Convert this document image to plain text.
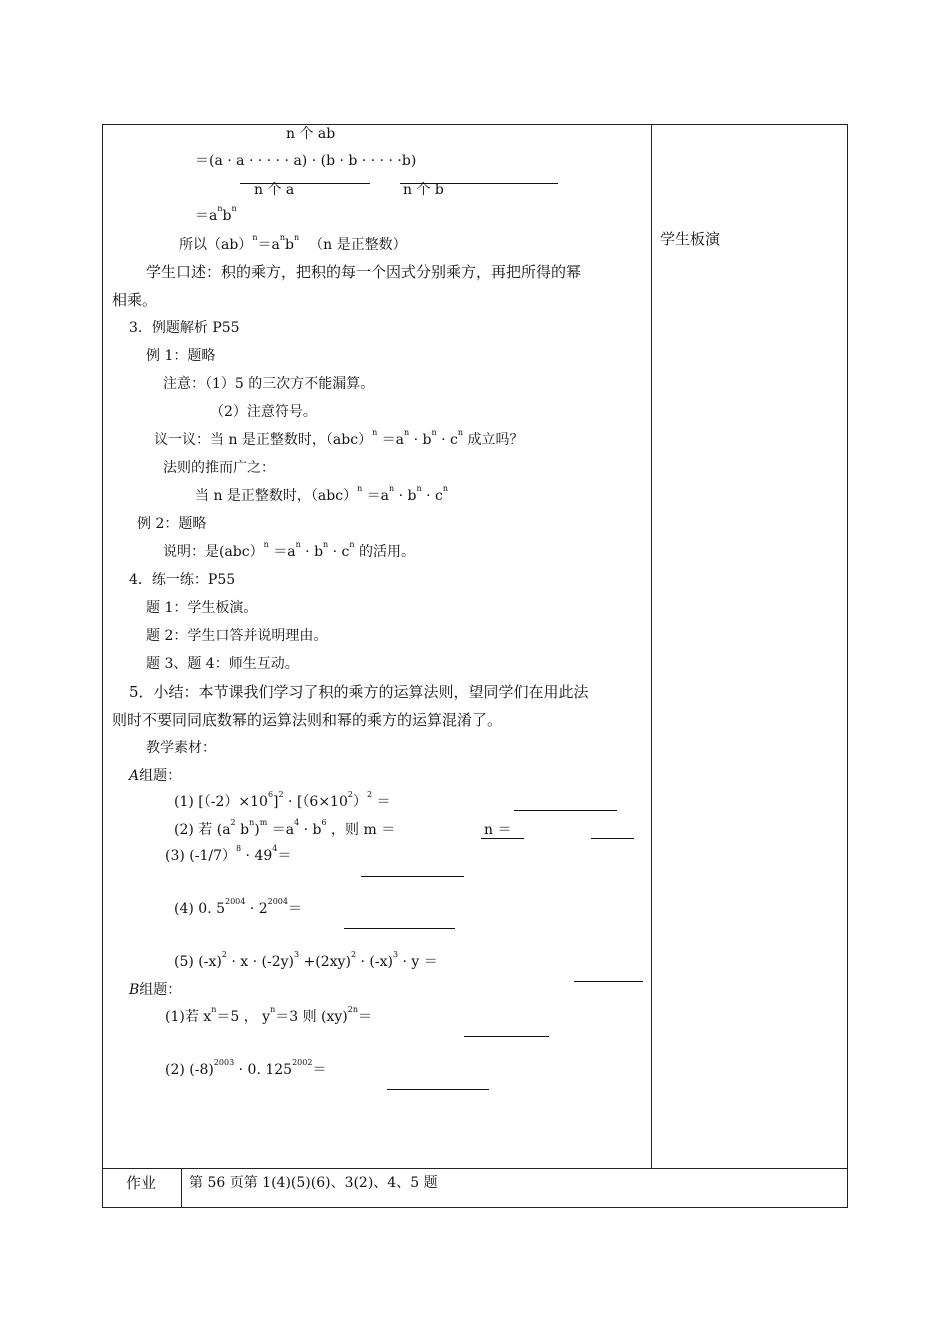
n 个 ab
＝(a · a · · · · · a) · (b · b · · · · ·b)
n 个 a	n 个 b
$=a^nb^n$
所以$(ab)^n=a^nb^n$ （n 是正整数）	学生板演
学生口述：积的乘方，把积的每一个因式分别乘方，再把所得的幂
相乘。
3．例题解析 P55
例 1：题略
注意：（1）5 的三次方不能漏算。
（2）注意符号。
议一议：当 n 是正整数时，$(abc)^n =a^n \cdot b^n \cdot c^n$ 成立吗？
法则的推而广之：
当 n 是正整数时，$(abc)^n =a^n \cdot b^n \cdot c^n$
例 2：题略
说明：是$(abc)^n =a^n \cdot b^n \cdot c^n$ 的活用。
4．练一练：P55
题 1：学生板演。
题 2：学生口答并说明理由。
题 3、题 4：师生互动。
5．小结：本节课我们学习了积的乘方的运算法则，望同学们在用此法
则时不要同同底数幂的运算法则和幂的乘方的运算混淆了。
教学素材：
A组题：
(1) $[(-2)\times 10^6]^2 \cdot [(6\times 10^2)^2$ ＝
(2) 若 ($a^2$ $b^n)^m =a^4 \cdot b^6$ ，则 m ＝	n ＝
(3) $(-1/7)^8 \cdot 49^4=$
(4) 0. $5^{2004} \cdot 2^{2004}=$
(5) $(-x)^2 \cdot x \cdot (-2y)^3 +(2xy)^2 \cdot (-x)^3 \cdot y$ ＝
B组题：
(1)若 $x^n=5$ ， $y^n=3$ 则 (xy)$^{2n}$＝
(2) $(-8)^{2003} \cdot 0$. $125^{2002}=$
作业 第 56 页第 1(4)(5)(6)、3(2)、4、5 题
